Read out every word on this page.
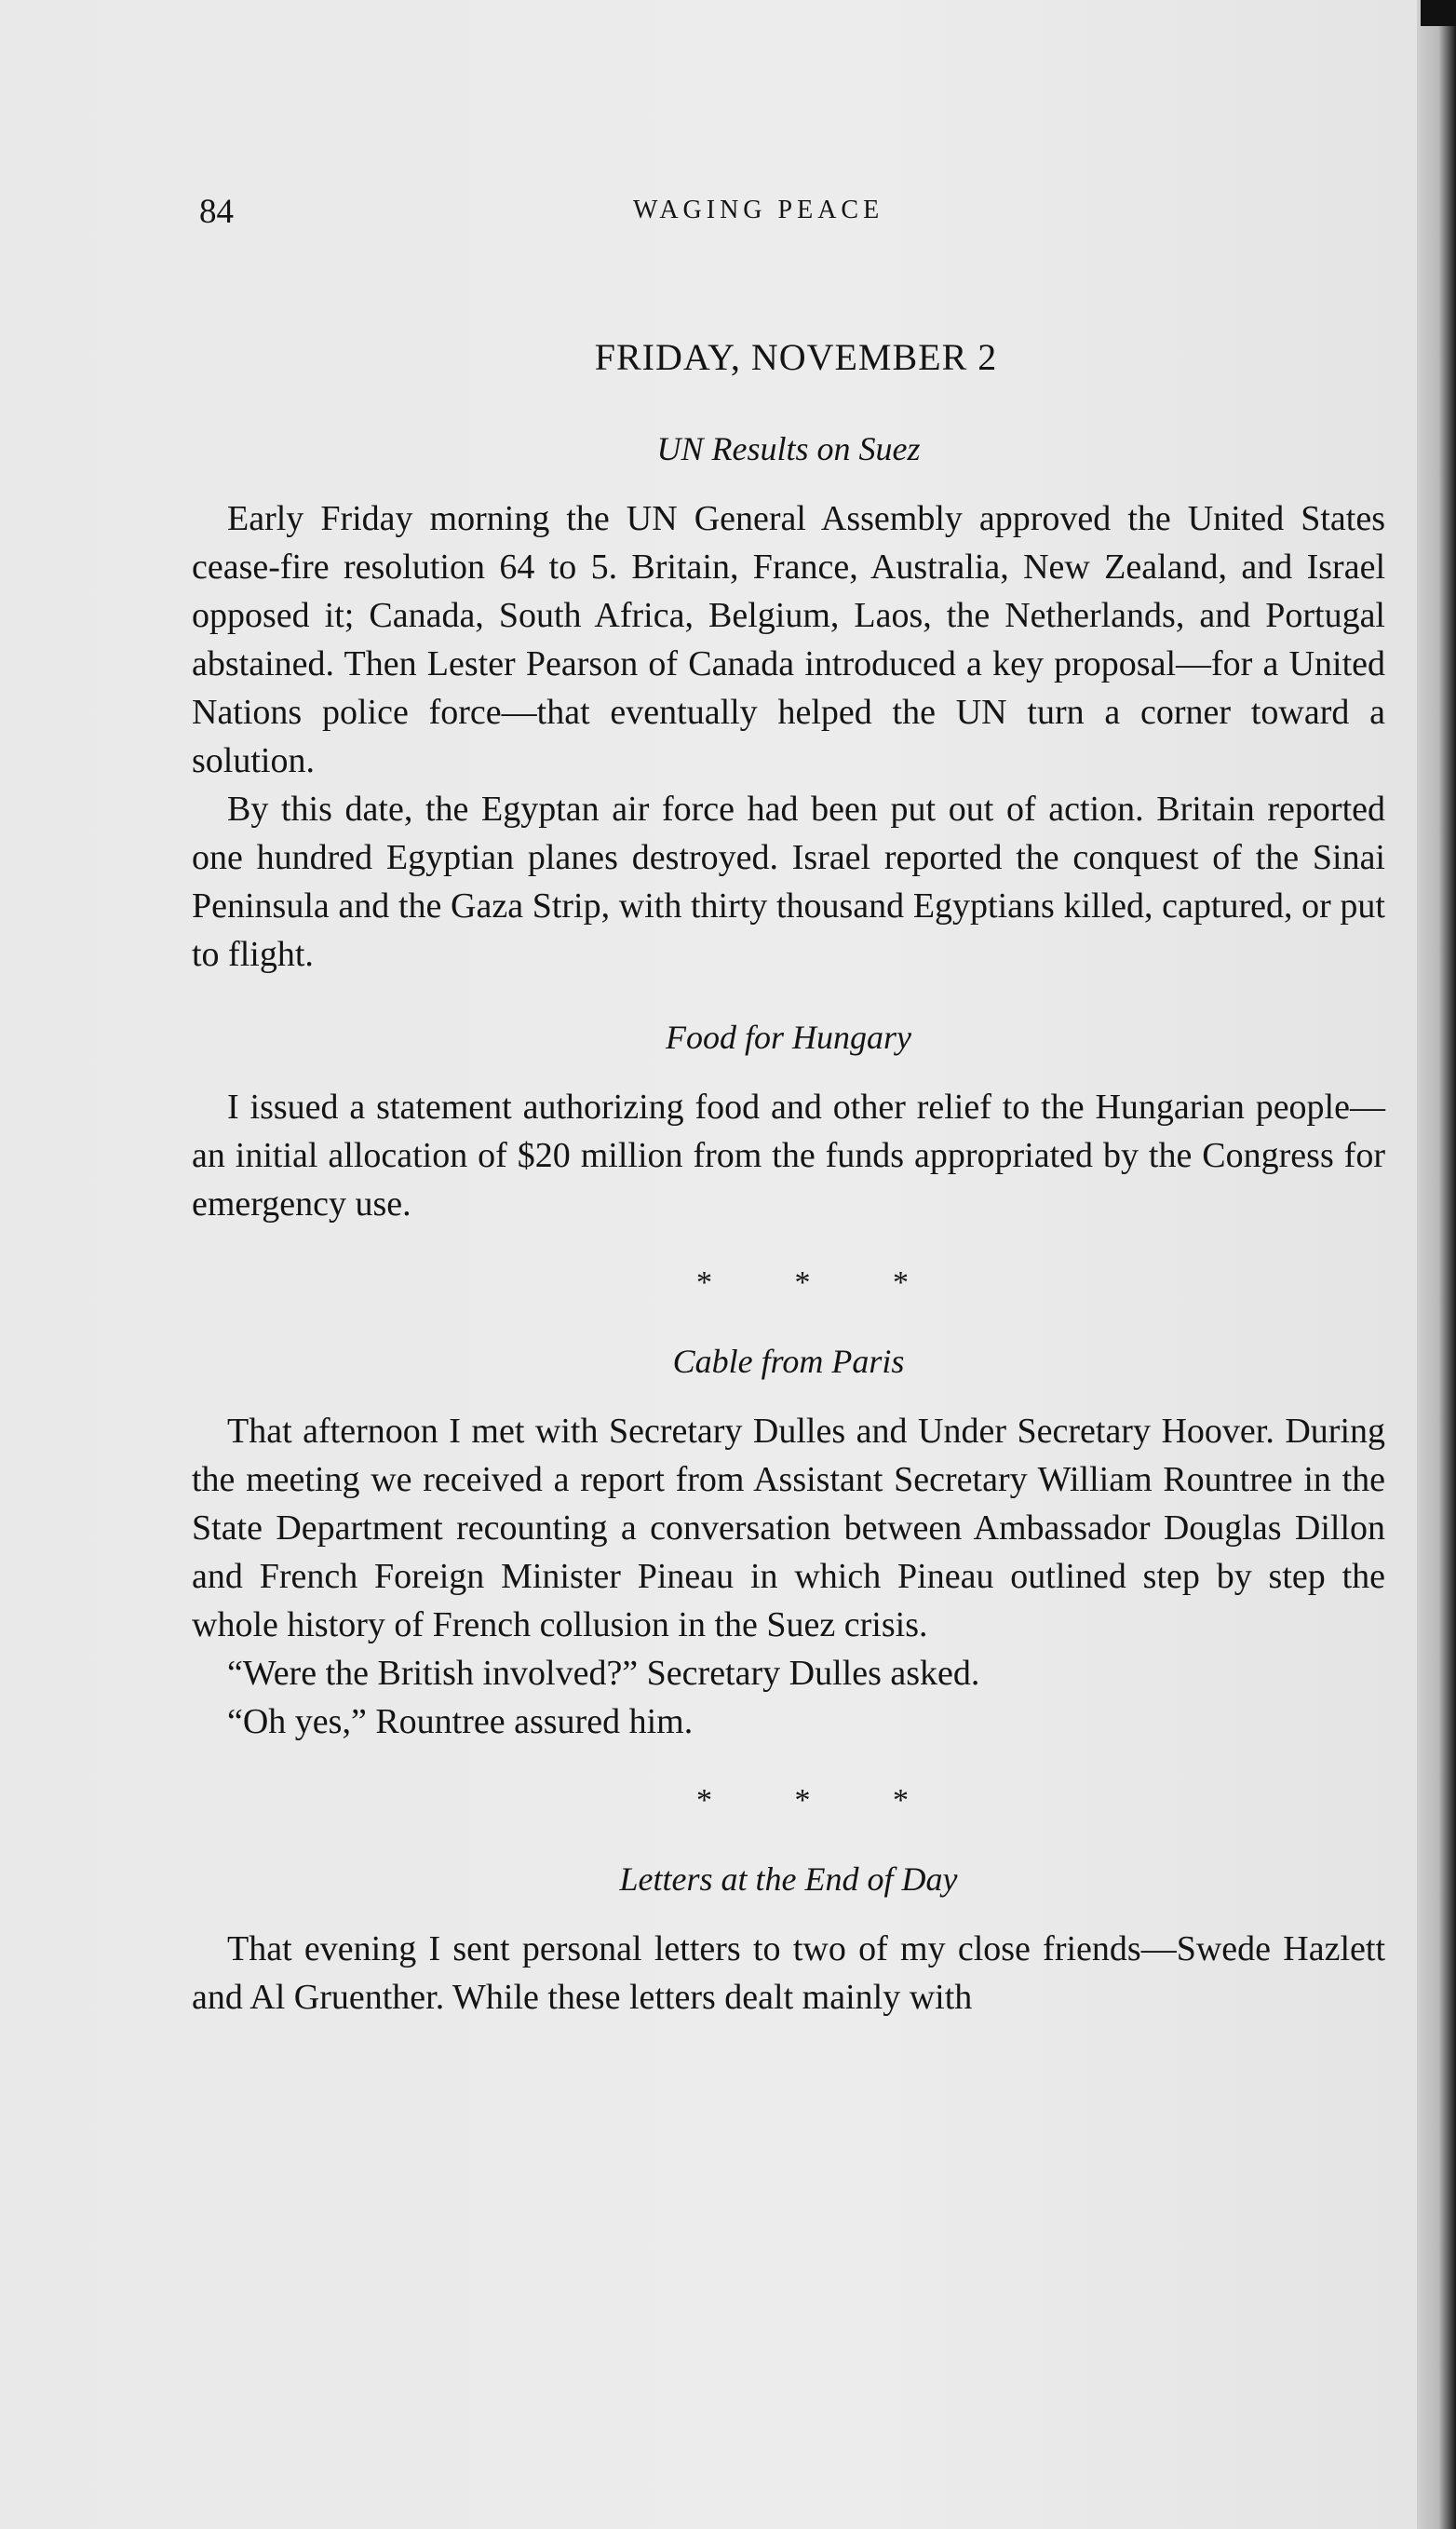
84	WAGING PEACE
FRIDAY, NOVEMBER 2
UN Results on Suez

Early Friday morning the UN General Assembly approved the United States cease-fire resolution 64 to 5. Britain, France, Australia, New Zealand, and Israel opposed it; Canada, South Africa, Belgium, Laos, the Netherlands, and Portugal abstained. Then Lester Pearson of Canada introduced a key proposal—for a United Nations police force—that eventually helped the UN turn a corner toward a solution.

By this date, the Egyptan air force had been put out of action. Britain reported one hundred Egyptian planes destroyed. Israel reported the conquest of the Sinai Peninsula and the Gaza Strip, with thirty thousand Egyptians killed, captured, or put to flight.

Food for Hungary

I issued a statement authorizing food and other relief to the Hungarian people—an initial allocation of $20 million from the funds appropriated by the Congress for emergency use.

* * *
Cable from Paris

That afternoon I met with Secretary Dulles and Under Secretary Hoover. During the meeting we received a report from Assistant Secretary William Rountree in the State Department recounting a conversation between Ambassador Douglas Dillon and French Foreign Minister Pineau in which Pineau outlined step by step the whole history of French collusion in the Suez crisis.

“Were the British involved?” Secretary Dulles asked.

“Oh yes,” Rountree assured him.

* * *
Letters at the End of Day

That evening I sent personal letters to two of my close friends—Swede Hazlett and Al Gruenther. While these letters dealt mainly with
